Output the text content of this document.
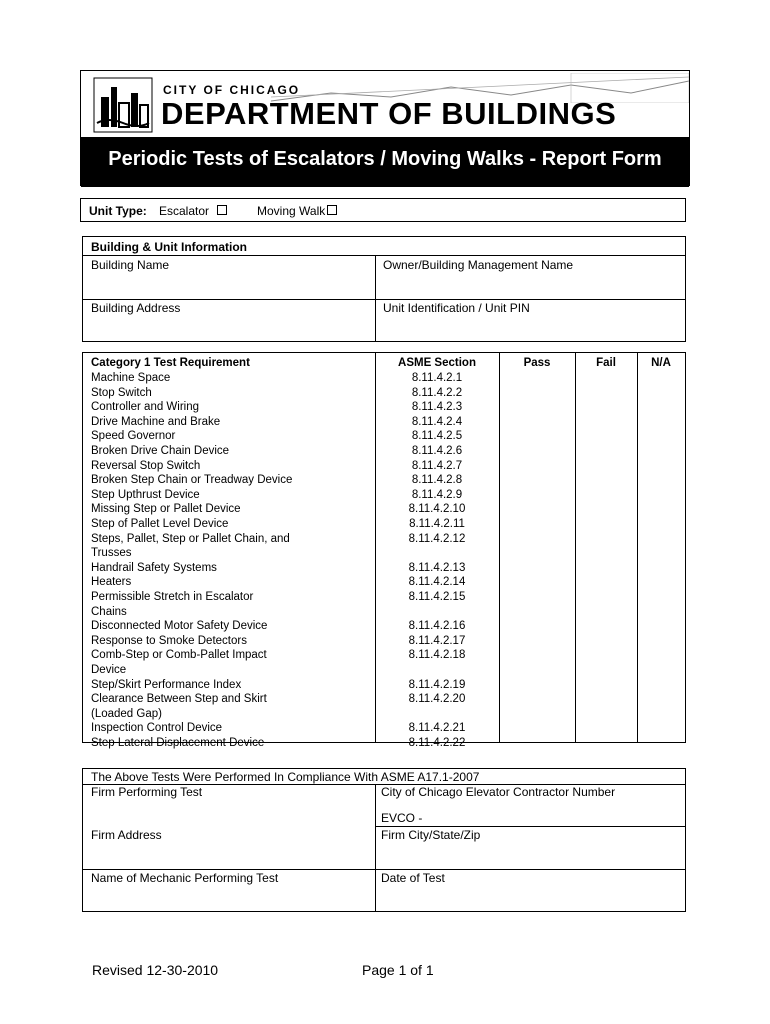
CITY OF CHICAGO
DEPARTMENT OF BUILDINGS
Periodic Tests of Escalators / Moving Walks - Report Form
Unit Type: Escalator	Moving Walk
Building & Unit Information
Building Name	Owner/Building Management Name
Building Address	Unit Identification / Unit PIN
Category 1 Test Requirement	ASME Section	Pass	Fail	N/A
Machine Space	8.11.4.2.1
Stop Switch	8.11.4.2.2
Controller and Wiring	8.11.4.2.3
Drive Machine and Brake	8.11.4.2.4
Speed Governor	8.11.4.2.5
Broken Drive Chain Device	8.11.4.2.6
Reversal Stop Switch	8.11.4.2.7
Broken Step Chain or Treadway Device	8.11.4.2.8
Step Upthrust Device	8.11.4.2.9
Missing Step or Pallet Device	8.11.4.2.10
Step of Pallet Level Device	8.11.4.2.11
Steps, Pallet, Step or Pallet Chain, and	8.11.4.2.12
Trusses
Handrail Safety Systems	8.11.4.2.13
Heaters	8.11.4.2.14
Permissible Stretch in Escalator	8.11.4.2.15
Chains
Disconnected Motor Safety Device	8.11.4.2.16
Response to Smoke Detectors	8.11.4.2.17
Comb-Step or Comb-Pallet Impact	8.11.4.2.18
Device
Step/Skirt Performance Index	8.11.4.2.19
Clearance Between Step and Skirt	8.11.4.2.20
(Loaded Gap)
Inspection Control Device	8.11.4.2.21
Step Lateral Displacement Device	8.11.4.2.22
The Above Tests Were Performed In Compliance With ASME A17.1-2007
Firm Performing Test	City of Chicago Elevator Contractor Number
EVCO -
Firm Address	Firm City/State/Zip
Name of Mechanic Performing Test	Date of Test
Revised 12-30-2010	Page 1 of 1
